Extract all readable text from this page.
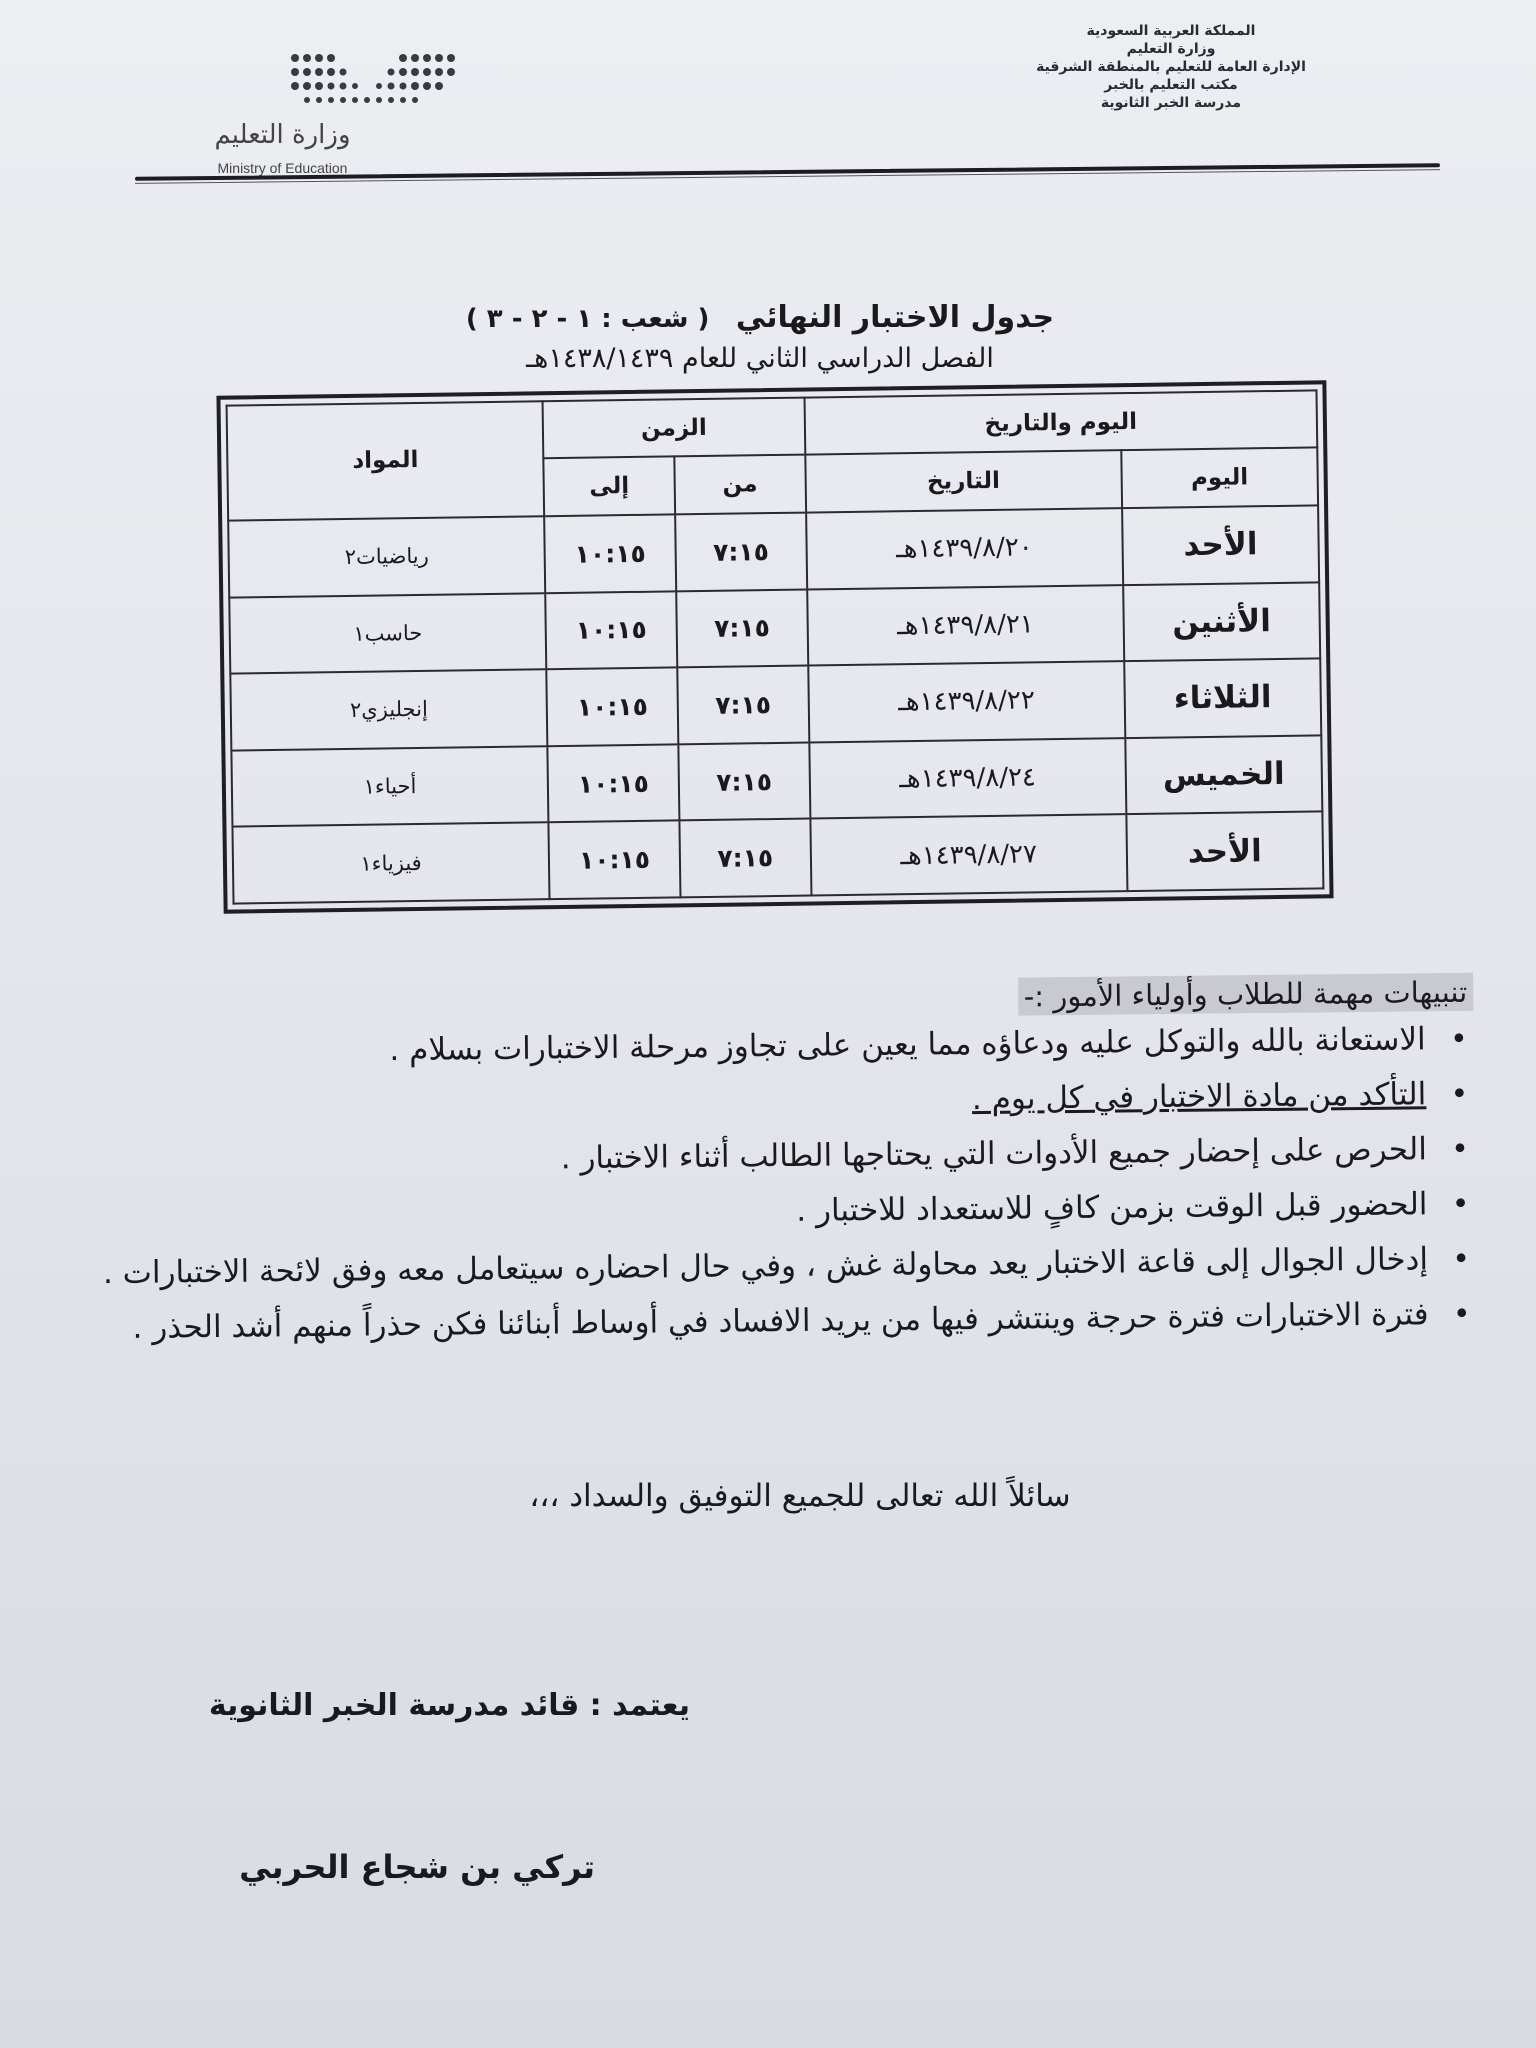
المملكة العربية السعودية
وزارة التعليم
الإدارة العامة للتعليم بالمنطقة الشرقية
مكتب التعليم بالخبر
مدرسة الخبر الثانوية
وزارة التعليم
Ministry of Education
جدول الاختبار النهائي ( شعب : ١ - ٢ - ٣ )
الفصل الدراسي الثاني للعام ١٤٣٨/١٤٣٩هـ
اليوم والتاريخ		الزمن		المواد
اليوم	التاريخ	من	إلى	
الأحد	١٤٣٩/٨/٢٠هـ	٧:١٥	١٠:١٥	رياضيات٢
الأثنين	١٤٣٩/٨/٢١هـ	٧:١٥	١٠:١٥	حاسب١
الثلاثاء	١٤٣٩/٨/٢٢هـ	٧:١٥	١٠:١٥	إنجليزي٢
الخميس	١٤٣٩/٨/٢٤هـ	٧:١٥	١٠:١٥	أحياء١
الأحد	١٤٣٩/٨/٢٧هـ	٧:١٥	١٠:١٥	فيزياء١
تنبيهات مهمة للطلاب وأولياء الأمور :-
•
الاستعانة بالله والتوكل عليه ودعاؤه مما يعين على تجاوز مرحلة الاختبارات بسلام .
•
التأكد من مادة الاختبار في كل يوم .
•
الحرص على إحضار جميع الأدوات التي يحتاجها الطالب أثناء الاختبار .
•
الحضور قبل الوقت بزمن كافٍ للاستعداد للاختبار .
•
إدخال الجوال إلى قاعة الاختبار يعد محاولة غش ، وفي حال احضاره سيتعامل معه وفق لائحة الاختبارات .
•
فترة الاختبارات فترة حرجة وينتشر فيها من يريد الافساد في أوساط أبنائنا فكن حذراً منهم أشد الحذر .
سائلاً الله تعالى للجميع التوفيق والسداد ،،،
يعتمد : قائد مدرسة الخبر الثانوية
تركي بن شجاع الحربي
